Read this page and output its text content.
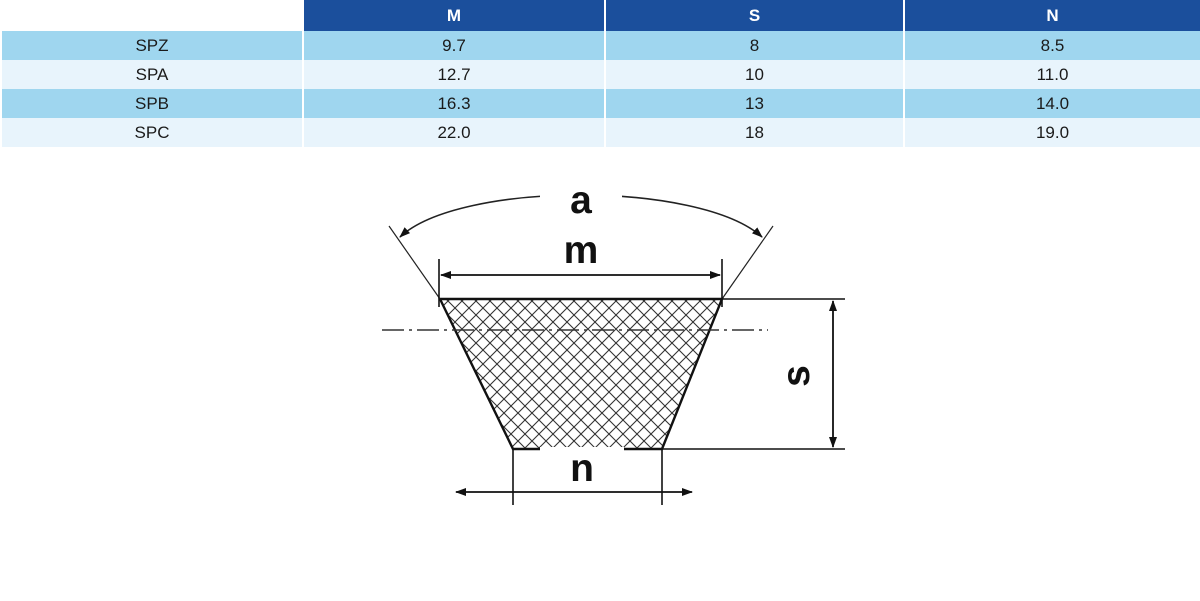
	M	S	N
SPZ	9.7	8	8.5
SPA	12.7	10	11.0
SPB	16.3	13	14.0
SPC	22.0	18	19.0
a
m
s
n
